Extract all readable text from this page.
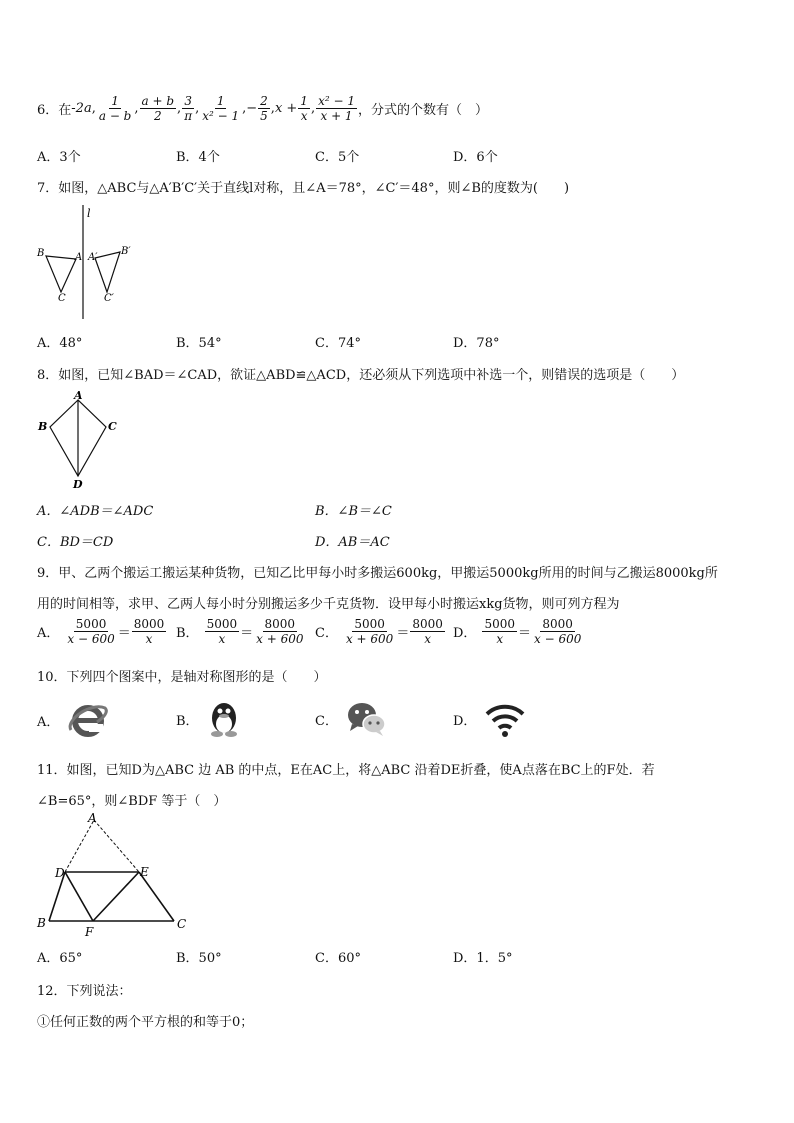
6．在 -2a , $\frac{1}{a - b}$ , $\frac{a + b}{2}$ , $\frac{3}{\pi}$ , $\frac{1}{\text{x² − 1}}$ ,− $\frac{2}{5}$ , $x + \frac{1}{x}$ , $\frac{\text{x² − 1}}{x + 1}$ ，分式的个数有（　）
A．3个	B．4个	C．5个	D．6个
7．如图，△ABC与△A′B′C′关于直线l对称，且∠A＝78°，∠C′＝48°，则∠B的度数为(　　)
l
B	A
C
A′
B′
C′
A．48°	B．54°	C．74°	D．78°
8．如图，已知∠BAD＝∠CAD，欲证△ABD≌△ACD，还必须从下列选项中补选一个，则错误的选项是（　　）
A
B	C
D
A．∠ADB＝∠ADC	B．∠B＝∠C
C．BD＝CD	D．AB＝AC
9．甲、乙两个搬运工搬运某种货物，已知乙比甲每小时多搬运600kg，甲搬运5000kg所用的时间与乙搬运8000kg所
用的时间相等，求甲、乙两人每小时分别搬运多少千克货物．设甲每小时搬运xkg货物，则可列方程为
A． $\frac{5000}{x - 600} = \frac{8000}{x}$ B． $\frac{5000}{x} = \frac{8000}{x + 600}$ C． $\frac{5000}{x + 600} = \frac{8000}{x}$ D． $\frac{5000}{x} = \frac{8000}{x - 600}$
10．下列四个图案中，是轴对称图形的是（　　）
A．	B．	C．	D．
11．如图，已知D为△ABC 边 AB 的中点，E在AC上，将△ABC 沿着DE折叠，使A点落在BC上的F处．若
∠B=65°，则∠BDF 等于（　）
A
D	E
B
F
C
A．65°	B．50°	C．60°	D．1．5°
12．下列说法：
①任何正数的两个平方根的和等于0；
